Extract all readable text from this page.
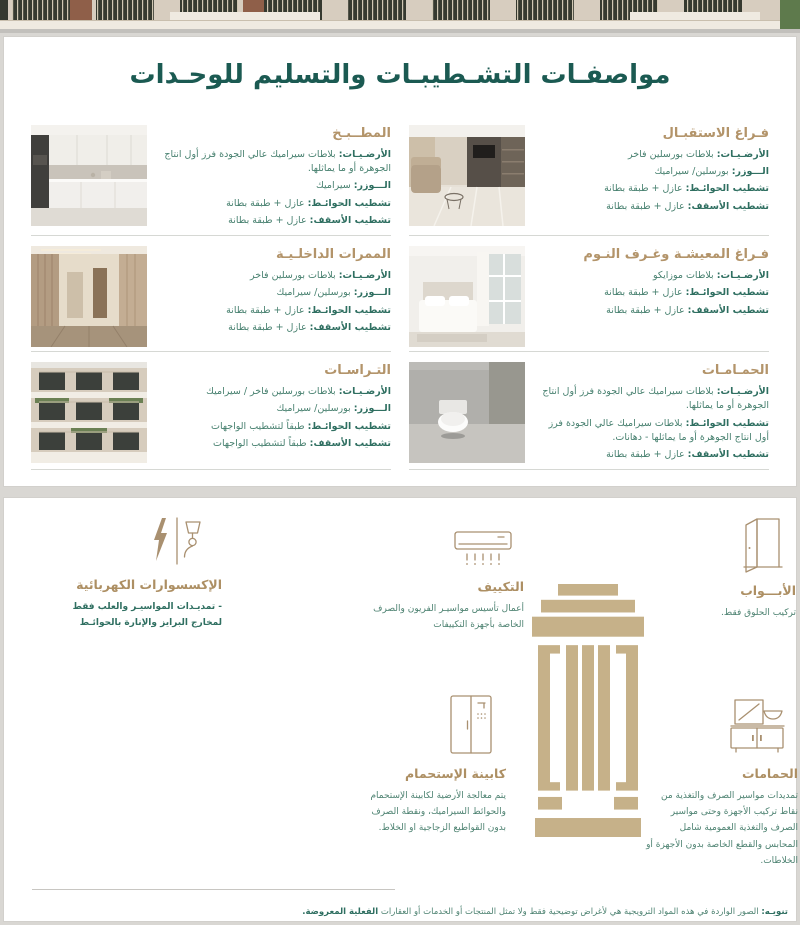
مواصفـات التشـطيبـات والتسليم للوحـدات
فـراغ الاستقبـال

الأرضـيـات: بلاطات بورسلين فاخر

الـــوزر: بورسلين/ سيراميك

تشطيب الحوائـط: عازل + طبقة بطانة

تشطيب الأسقف: عازل + طبقة بطانة

المطــبـخ

الأرضـيـات: بلاطات سيراميك عالي الجودة فرز أول انتاج الجوهرة أو ما يماثلها.

الـــوزر: سيراميك

تشطيب الحوائـط: عازل + طبقة بطانة

تشطيب الأسقف: عازل + طبقة بطانة

فـراغ المعيشـة وغـرف النـوم

الأرضـيـات: بلاطات موزايكو

تشطيب الحوائـط: عازل + طبقة بطانة

تشطيب الأسقف: عازل + طبقة بطانة

الممرات الداخلـيـة

الأرضـيـات: بلاطات بورسلين فاخر

الـــوزر: بورسلين/ سيراميك

تشطيب الحوائـط: عازل + طبقة بطانة

تشطيب الأسقف: عازل + طبقة بطانة

الحمـامـات

الأرضـيـات: بلاطات سيراميك عالي الجودة فرز أول انتاج الجوهرة أو ما يماثلها.

تشطيب الحوائـط: بلاطات سيراميك عالي الجودة فرز أول انتاج الجوهرة أو ما يماثلها - دهانات.

تشطيب الأسقف: عازل + طبقة بطانة

التـراسـات

الأرضـيـات: بلاطات بورسلين فاخر / سيراميك

الـــوزر: بورسلين/ سيراميك

تشطيب الحوائـط: طبقاً لتشطيب الواجهات

تشطيب الأسقف: طبقاً لتشطيب الواجهات

الإكسسوارات الكهربائية

- تمديـدات المواسيـر والعلب فقط لمخارج البرايز والإنارة بالحوائـط

التكييف

أعمال تأسيس مواسيـر الفريون والصرف الخاصة بأجهزة التكييفات

الأبـــواب

تركيب الحلوق فقط.

كابينة الإستحمام

يتم معالجة الأرضية لكابينة الإستحمام والحوائط السيراميك، ونقطة الصرف بدون القواطيع الزجاجية او الخلاط.

الحمامات

تمديدات مواسير الصرف والتغذية من نقاط تركيب الأجهزة وحتى مواسير الصرف والتغذية العمومية شامل المحابس والقطع الخاصة بدون الأجهزة أو الخلاطات.

تنويـه: الصور الواردة في هذه المواد الترويجية هي لأغراض توضيحية فقط ولا تمثل المنتجات أو الخدمات أو العقارات الفعلية المعروضة.
